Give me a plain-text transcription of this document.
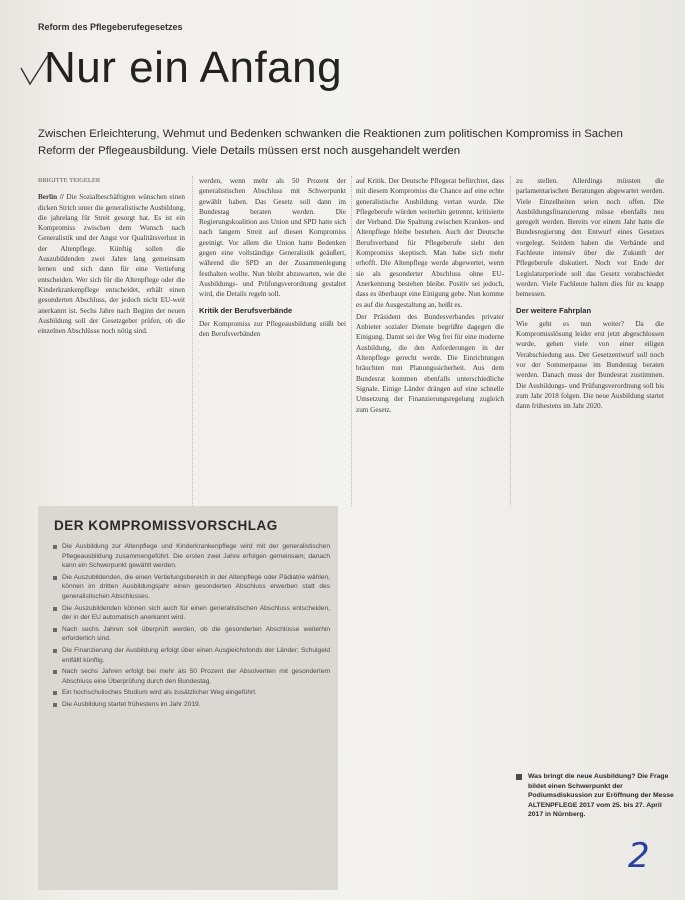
Reform des Pflegeberufegesetzes
Nur ein Anfang
Zwischen Erleichterung, Wehmut und Bedenken schwanken die Reaktionen zum politischen Kompromiss in Sachen Reform der Pflegeausbildung. Viele Details müssen erst noch ausgehandelt werden
BRIGITTE TEIGELER

Berlin // Die Sozialbeschäftigten wünschen einen dicken Strich unter die generalistische Ausbildung, die jahrelang für Streit gesorgt hat. Es ist ein Kompromiss zwischen dem Wunsch nach Generalistik und der Angst vor Qualitätsverlust in der Altenpflege. Künftig sollen die Auszubildenden zwei Jahre lang gemeinsam lernen und sich dann für eine Vertiefung entscheiden. Wer sich für die Altenpflege oder die Kinderkrankenpflege entscheidet, erhält einen gesonderten Abschluss, der jedoch nicht EU-weit anerkannt ist. Sechs Jahre nach Beginn der neuen Ausbildung soll der Gesetzgeber prüfen, ob die einzelnen Abschlüsse noch nötig sind.

werden, wenn mehr als 50 Prozent der generalistischen Abschluss mit Schwerpunkt gewählt haben. Das Gesetz soll dann im Bundestag beraten werden. Die Regierungskoalition aus Union und SPD hatte sich nach langem Streit auf diesen Kompromiss geeinigt. Vor allem die Union hatte Bedenken gegen eine vollständige Generalistik geäußert, während die SPD an der Zusammenlegung festhalten wollte. Nun bleibt abzuwarten, wie die Ausbildungs- und Prüfungsverordnung gestaltet wird, die Details regeln soll.

Kritik der Berufsverbände

Der Kompromiss zur Pflegeausbildung stößt bei den Berufsverbänden

auf Kritik. Der Deutsche Pflegerat befürchtet, dass mit diesem Kompromiss die Chance auf eine echte generalistische Ausbildung vertan wurde. Die Pflegeberufe würden weiterhin getrennt, kritisierte der Verband. Die Spaltung zwischen Kranken- und Altenpflege bleibe bestehen. Auch der Deutsche Berufsverband für Pflegeberufe sieht den Kompromiss skeptisch. Man habe sich mehr erhofft. Die Altenpflege werde abgewertet, wenn sie als gesonderter Abschluss ohne EU-Anerkennung bestehen bleibe. Positiv sei jedoch, dass es überhaupt eine Einigung gebe. Nun komme es auf die Ausgestaltung an, heißt es.

Der Präsident des Bundesverbandes privater Anbieter sozialer Dienste begrüßte dagegen die Einigung. Damit sei der Weg frei für eine moderne Ausbildung, die den Anforderungen in der Altenpflege gerecht werde. Die Einrichtungen bräuchten nun Planungssicherheit. Aus dem Bundesrat kommen ebenfalls unterschiedliche Signale. Einige Länder drängen auf eine schnelle Umsetzung der Finanzierungsregelung zugleich zum Gesetz.

zu stellen. Allerdings müssten die parlamentarischen Beratungen abgewartet werden. Viele Einzelheiten seien noch offen. Die Ausbildungsfinanzierung müsse ebenfalls neu geregelt werden. Bereits vor einem Jahr hatte die Bundesregierung den Entwurf eines Gesetzes vorgelegt. Seitdem haben die Verbände und Fachleute intensiv über die Zukunft der Pflegeberufe diskutiert. Noch vor Ende der Legislaturperiode soll das Gesetz verabschiedet werden. Viele Fachleute halten dies für zu knapp bemessen.

Der weitere Fahrplan

Wie geht es nun weiter? Da die Kompromisslösung leider erst jetzt abgeschlossen wurde, gehen viele von einer eiligen Verabschiedung aus. Der Gesetzentwurf soll noch vor der Sommerpause im Bundestag beraten werden. Danach muss der Bundesrat zustimmen. Die Ausbildungs- und Prüfungsverordnung soll bis zum Jahr 2018 folgen. Die neue Ausbildung startet dann frühestens im Jahr 2020.

DER KOMPROMISSVORSCHLAG
Die Ausbildung zur Altenpflege und Kinderkrankenpflege wird mit der generalistischen Pflegeausbildung zusammengeführt. Die ersten zwei Jahre erfolgen gemeinsam; danach kann ein Schwerpunkt gewählt werden.
Die Auszubildenden, die einen Vertiefungsbereich in der Altenpflege oder Pädiatrie wählen, können im dritten Ausbildungsjahr einen gesonderten Abschluss erwerben statt des generalistischen Abschlusses.
Die Auszubildenden können sich auch für einen generalistischen Abschluss entscheiden, der in der EU automatisch anerkannt wird.
Nach sechs Jahren soll überprüft werden, ob die gesonderten Abschlüsse weiterhin erforderlich sind.
Die Finanzierung der Ausbildung erfolgt über einen Ausgleichsfonds der Länder; Schulgeld entfällt künftig.
Nach sechs Jahren erfolgt bei mehr als 50 Prozent der Absolventen mit gesondertem Abschluss eine Überprüfung durch den Bundestag.
Ein hochschulisches Studium wird als zusätzlicher Weg eingeführt.
Die Ausbildung startet frühestens im Jahr 2019.
Was bringt die neue Ausbildung? Die Frage bildet einen Schwerpunkt der Podiumsdiskussion zur Eröffnung der Messe ALTENPFLEGE 2017 vom 25. bis 27. April 2017 in Nürnberg.
2
